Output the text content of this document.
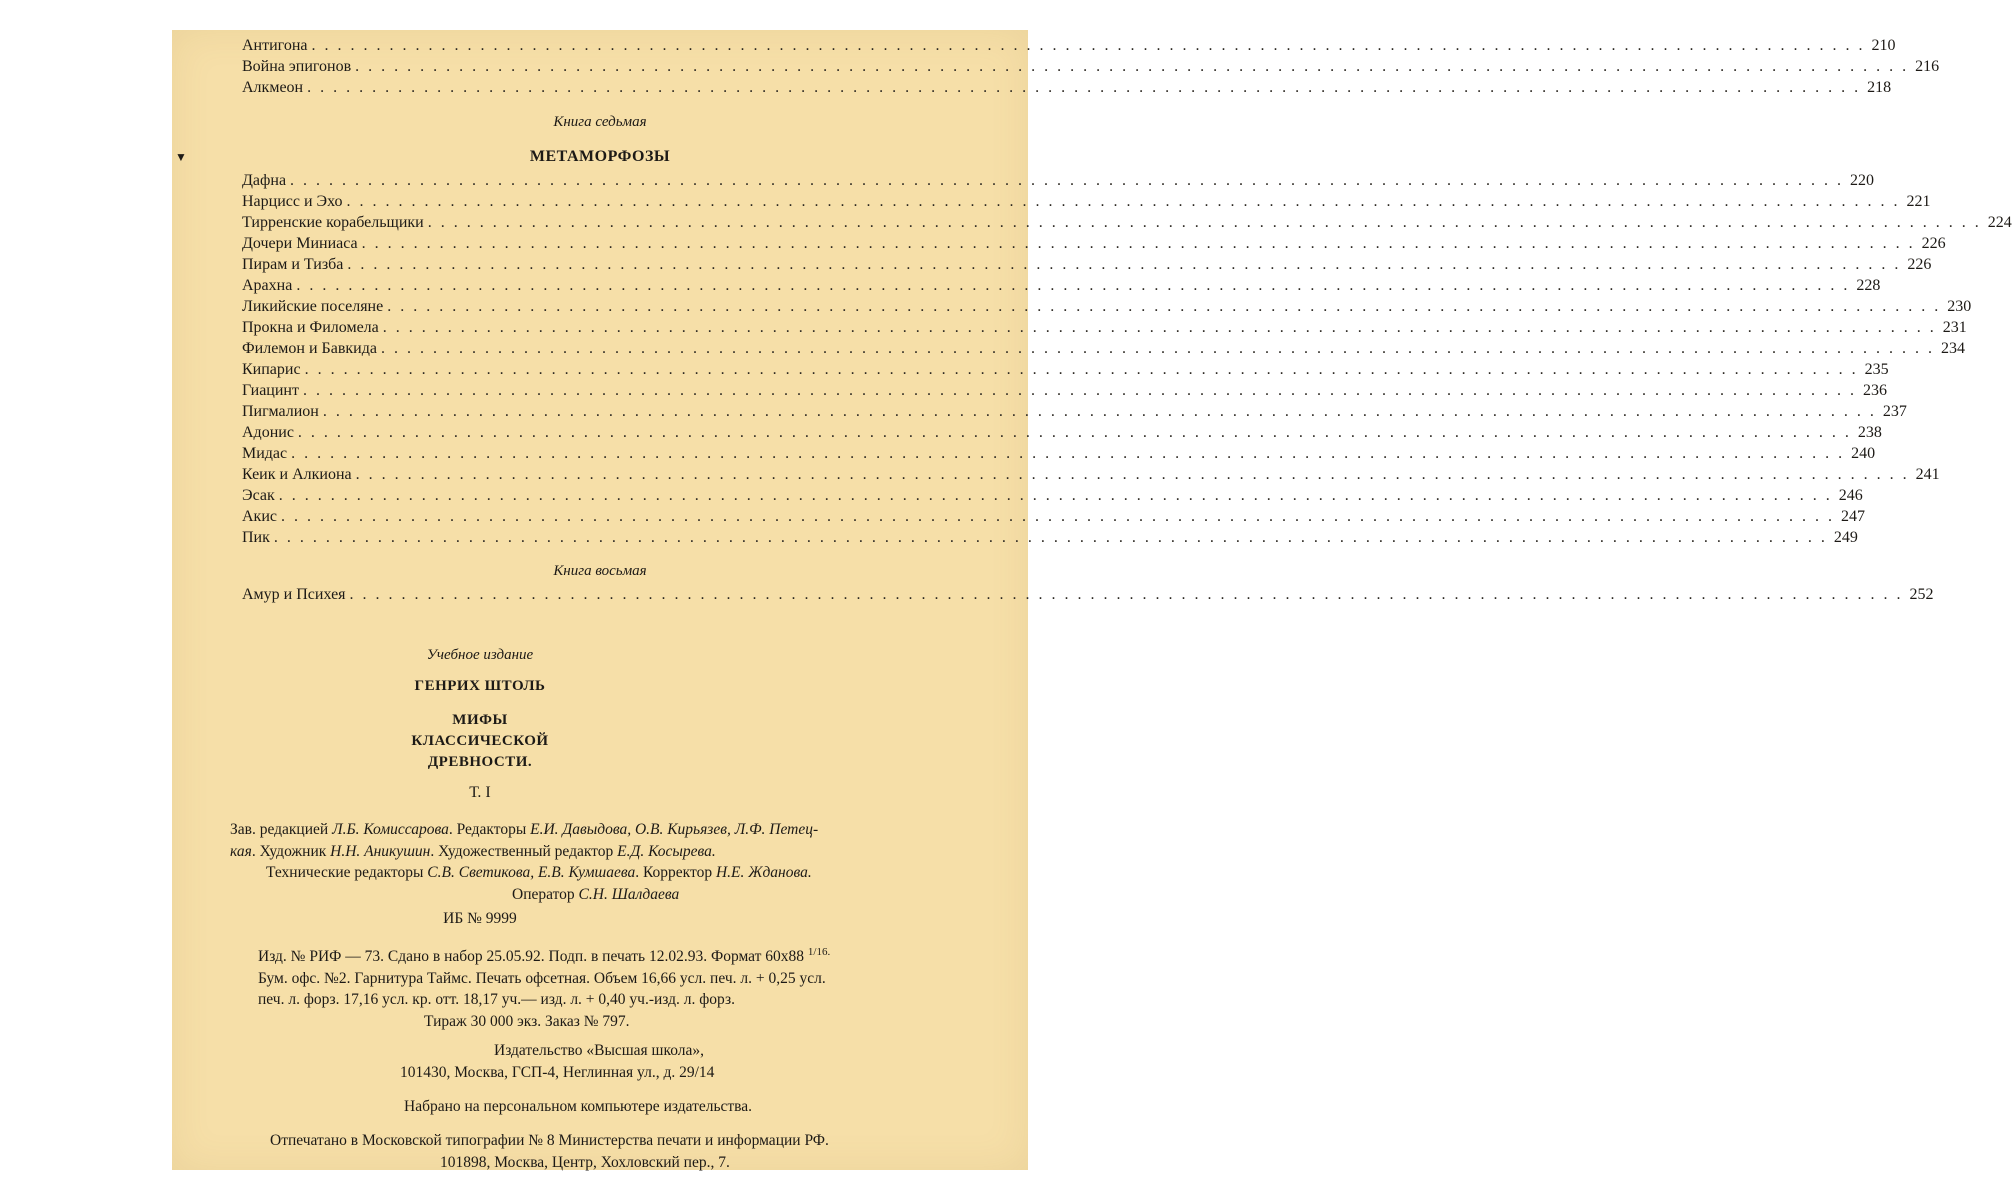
▼
Антигона ........................................................................................................................ 210
Война эпигонов ........................................................................................................................ 216
Алкмеон ........................................................................................................................ 218
Книга седьмая
МЕТАМОРФОЗЫ
Дафна ........................................................................................................................ 220
Нарцисс и Эхо ........................................................................................................................ 221
Тирренские корабельщики ........................................................................................................................ 224
Дочери Миниаса ........................................................................................................................ 226
Пирам и Тизба ........................................................................................................................ 226
Арахна ........................................................................................................................ 228
Ликийские поселяне ........................................................................................................................ 230
Прокна и Филомела ........................................................................................................................ 231
Филемон и Бавкида ........................................................................................................................ 234
Кипарис ........................................................................................................................ 235
Гиацинт ........................................................................................................................ 236
Пигмалион ........................................................................................................................ 237
Адонис ........................................................................................................................ 238
Мидас ........................................................................................................................ 240
Кеик и Алкиона ........................................................................................................................ 241
Эсак ........................................................................................................................ 246
Акис ........................................................................................................................ 247
Пик ........................................................................................................................ 249
Книга восьмая
Амур и Психея ........................................................................................................................ 252
Учебное издание
ГЕНРИХ ШТОЛЬ
МИФЫ
КЛАССИЧЕСКОЙ
ДРЕВНОСТИ.
Т. I
Зав. редакцией Л.Б. Комиссарова. Редакторы Е.И. Давыдова, О.В. Кирьязев, Л.Ф. Петец-
кая. Художник Н.Н. Аникушин. Художественный редактор Е.Д. Косырева.
Технические редакторы С.В. Светикова, Е.В. Кумшаева. Корректор Н.Е. Жданова.
Оператор С.Н. Шалдаева
ИБ № 9999
Изд. № РИФ — 73. Сдано в набор 25.05.92. Подп. в печать 12.02.93. Формат 60х88 $^{1/16.}$
Бум. офс. №2. Гарнитура Таймс. Печать офсетная. Объем 16,66 усл. печ. л. + 0,25 усл.
печ. л. форз. 17,16 усл. кр. отт. 18,17 уч.— изд. л. + 0,40 уч.-изд. л. форз.
Тираж 30 000 экз. Заказ № 797.
Издательство «Высшая школа»,
101430, Москва, ГСП-4, Неглинная ул., д. 29/14
Набрано на персональном компьютере издательства.
Отпечатано в Московской типографии № 8 Министерства печати и информации РФ.
101898, Москва, Центр, Хохловский пер., 7.
